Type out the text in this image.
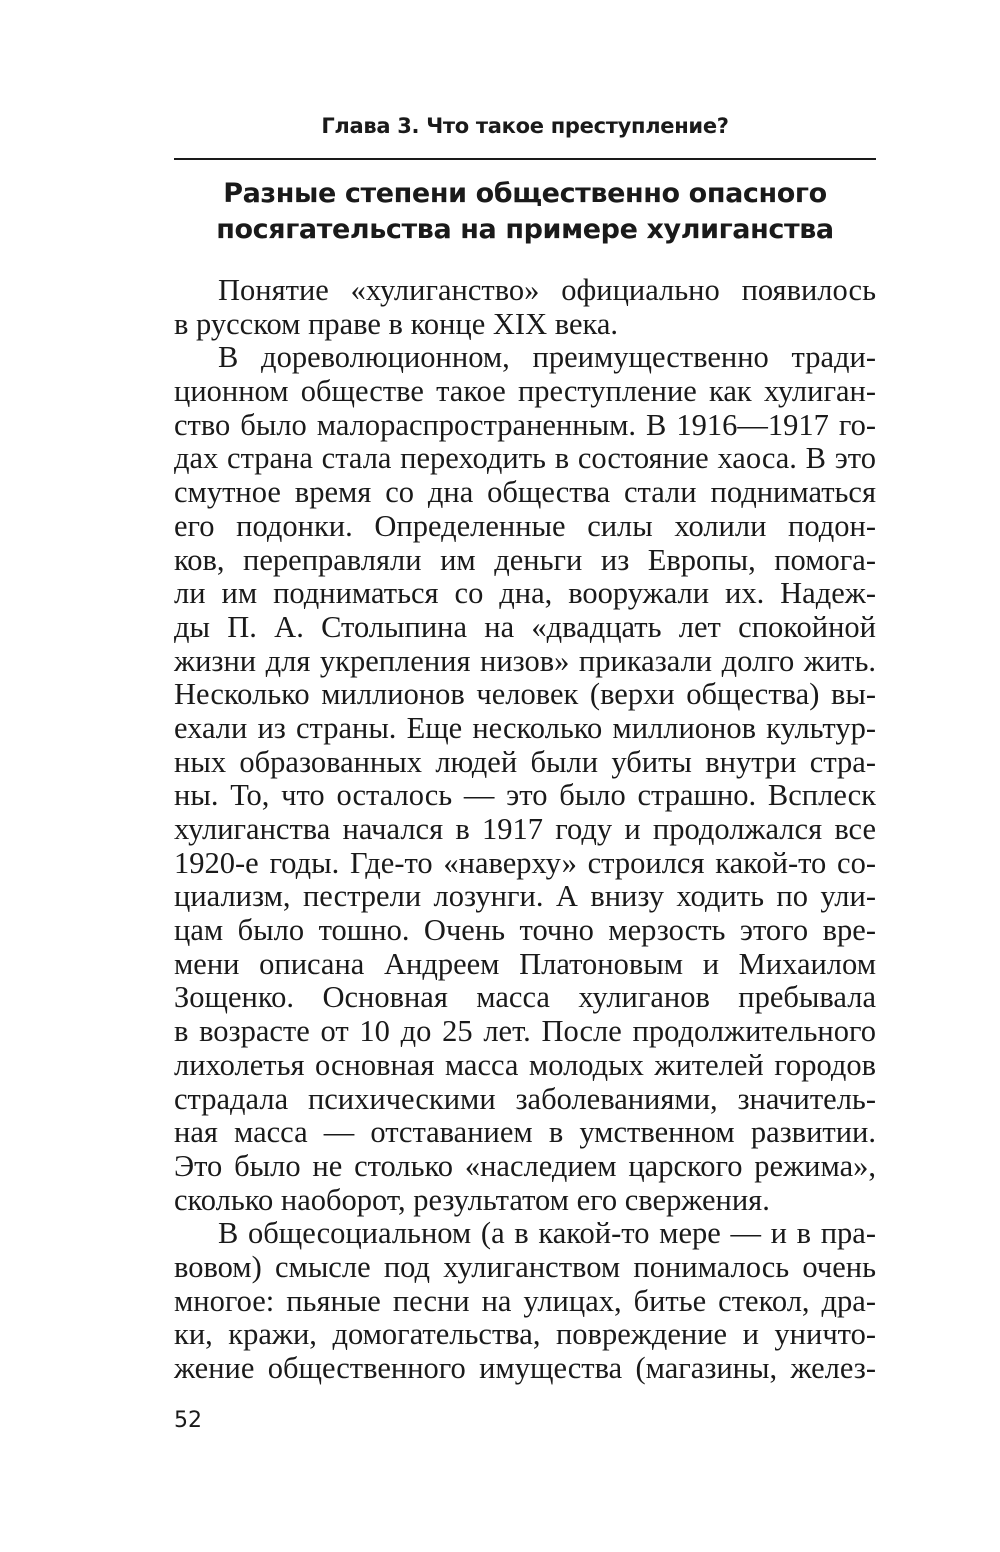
Глава 3. Что такое преступление?
Разные степени общественно опасного
посягательства на примере хулиганства
Понятие «хулиганство» официально появилось
в русском праве в конце XIX века.
В дореволюционном, преимущественно тради-
ционном обществе такое преступление как хулиган-
ство было малораспространенным. В 1916—1917 го-
дах страна стала переходить в состояние хаоса. В это
смутное время со дна общества стали подниматься
его подонки. Определенные силы холили подон-
ков, переправляли им деньги из Европы, помога-
ли им подниматься со дна, вооружали их. Надеж-
ды П. А. Столыпина на «двадцать лет спокойной
жизни для укрепления низов» приказали долго жить.
Несколько миллионов человек (верхи общества) вы-
ехали из страны. Еще несколько миллионов культур-
ных образованных людей были убиты внутри стра-
ны. То, что осталось — это было страшно. Всплеск
хулиганства начался в 1917 году и продолжался все
1920-е годы. Где-то «наверху» строился какой-то со-
циализм, пестрели лозунги. А внизу ходить по ули-
цам было тошно. Очень точно мерзость этого вре-
мени описана Андреем Платоновым и Михаилом
Зощенко. Основная масса хулиганов пребывала
в возрасте от 10 до 25 лет. После продолжительного
лихолетья основная масса молодых жителей городов
страдала психическими заболеваниями, значитель-
ная масса — отставанием в умственном развитии.
Это было не столько «наследием царского режима»,
сколько наоборот, результатом его свержения.
В общесоциальном (а в какой-то мере — и в пра-
вовом) смысле под хулиганством понималось очень
многое: пьяные песни на улицах, битье стекол, дра-
ки, кражи, домогательства, повреждение и уничто-
жение общественного имущества (магазины, желез-
52
